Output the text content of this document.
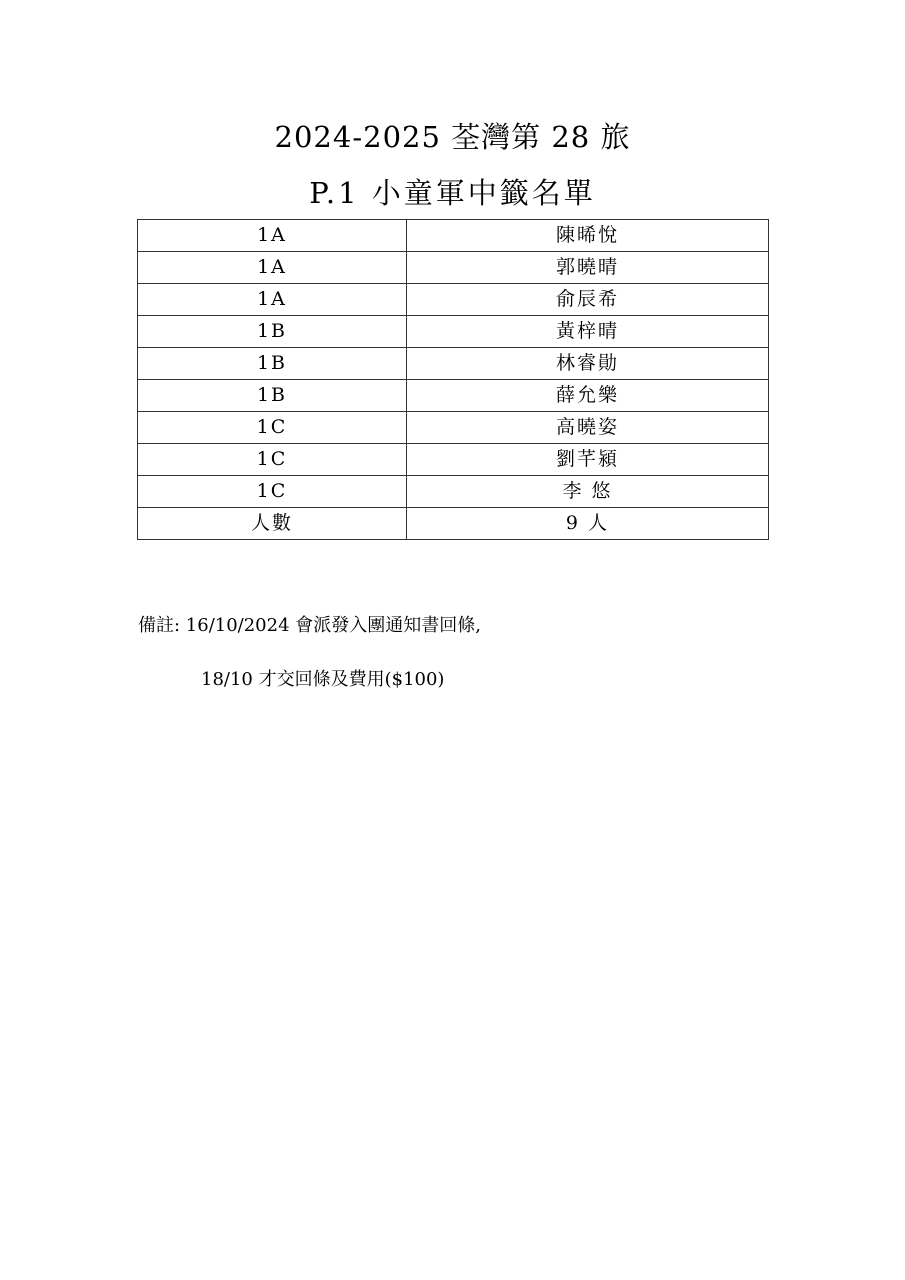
2024-2025 荃灣第 28 旅
P.1 小童軍中籤名單
1A	陳晞悅
1A	郭曉晴
1A	俞辰希
1B	黃梓晴
1B	林睿勛
1B	薛允樂
1C	高曉姿
1C	劉芊潁
1C	李 悠
人數	9 人
備註: 16/10/2024 會派發入團通知書回條,
18/10 才交回條及費用($100)
